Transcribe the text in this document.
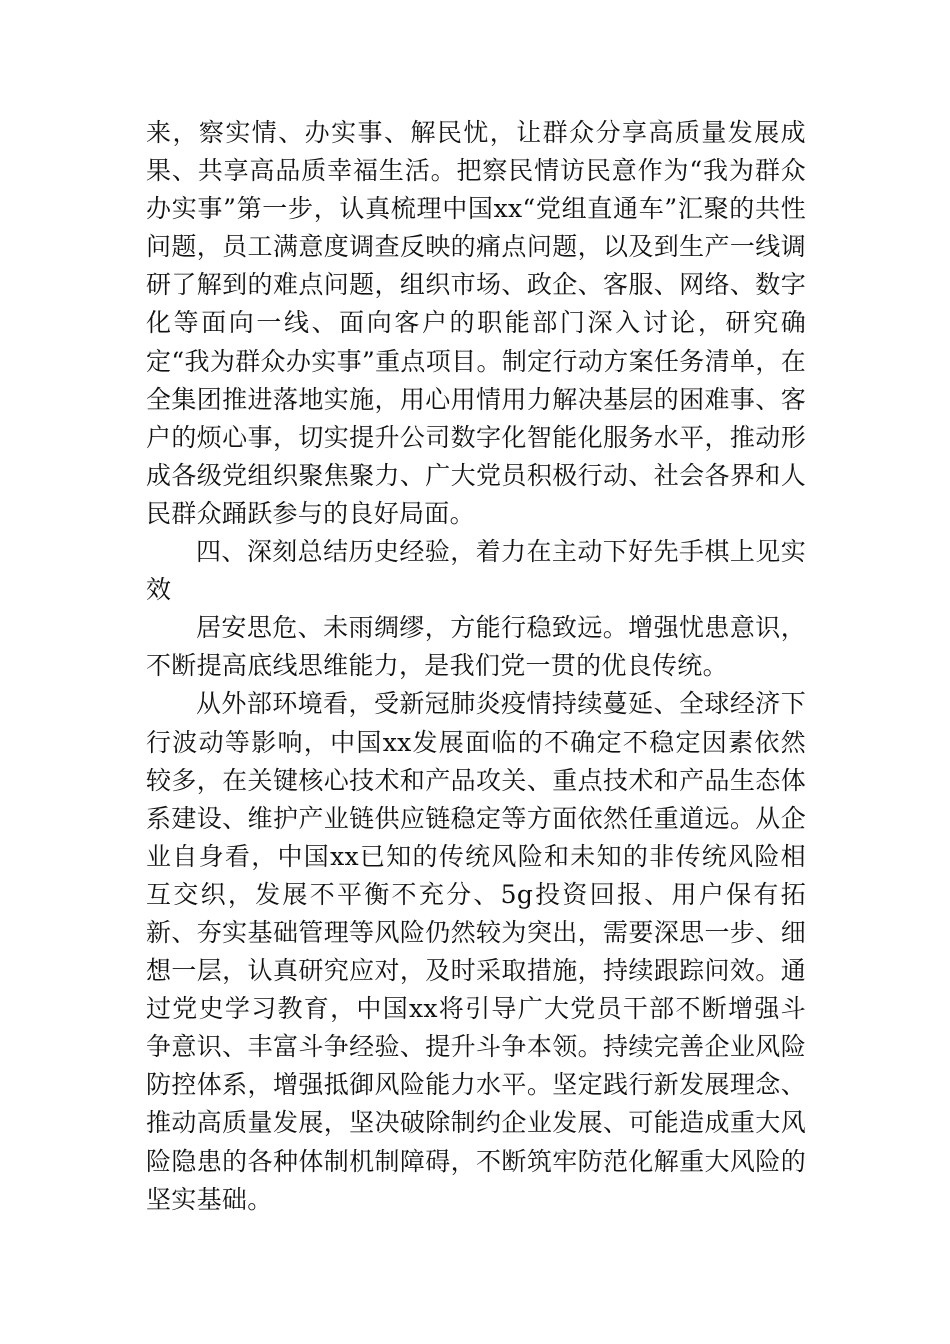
来，察实情、办实事、解民忧，让群众分享高质量发展成果、共享高品质幸福生活。把察民情访民意作为“我为群众办实事”第一步，认真梳理中国xx“党组直通车”汇聚的共性问题，员工满意度调查反映的痛点问题，以及到生产一线调研了解到的难点问题，组织市场、政企、客服、网络、数字化等面向一线、面向客户的职能部门深入讨论，研究确定“我为群众办实事”重点项目。制定行动方案任务清单，在全集团推进落地实施，用心用情用力解决基层的困难事、客户的烦心事，切实提升公司数字化智能化服务水平，推动形成各级党组织聚焦聚力、广大党员积极行动、社会各界和人民群众踊跃参与的良好局面。

四、深刻总结历史经验，着力在主动下好先手棋上见实效

居安思危、未雨绸缪，方能行稳致远。增强忧患意识，不断提高底线思维能力，是我们党一贯的优良传统。

从外部环境看，受新冠肺炎疫情持续蔓延、全球经济下行波动等影响，中国xx发展面临的不确定不稳定因素依然较多，在关键核心技术和产品攻关、重点技术和产品生态体系建设、维护产业链供应链稳定等方面依然任重道远。从企业自身看，中国xx已知的传统风险和未知的非传统风险相互交织，发展不平衡不充分、5g投资回报、用户保有拓新、夯实基础管理等风险仍然较为突出，需要深思一步、细想一层，认真研究应对，及时采取措施，持续跟踪问效。通过党史学习教育，中国xx将引导广大党员干部不断增强斗争意识、丰富斗争经验、提升斗争本领。持续完善企业风险防控体系，增强抵御风险能力水平。坚定践行新发展理念、推动高质量发展，坚决破除制约企业发展、可能造成重大风险隐患的各种体制机制障碍，不断筑牢防范化解重大风险的坚实基础。
